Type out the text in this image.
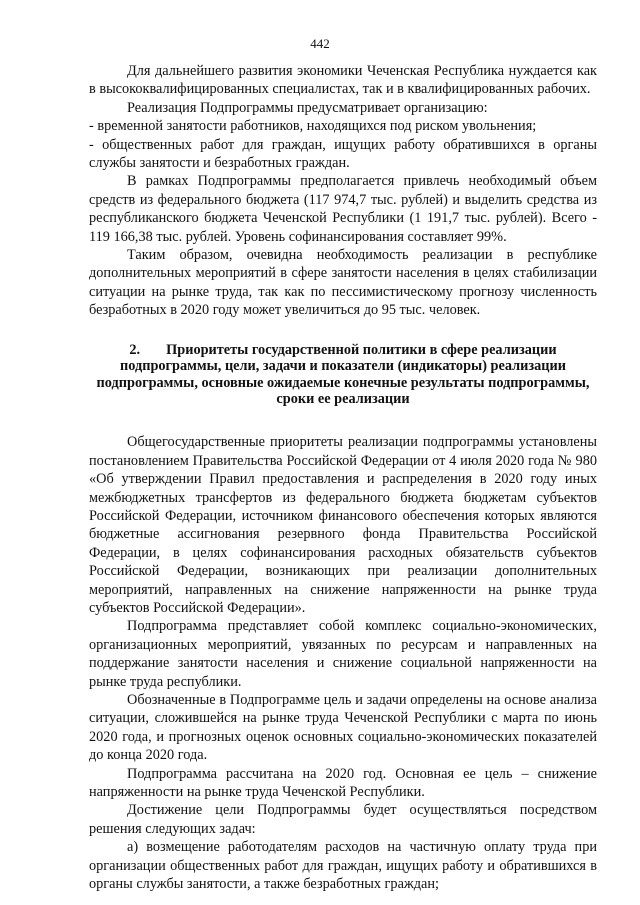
442

Для дальнейшего развития экономики Чеченская Республика нуждается как в высококвалифицированных специалистах, так и в квалифицированных рабочих.

Реализация Подпрограммы предусматривает организацию:

- временной занятости работников, находящихся под риском увольнения;

- общественных работ для граждан, ищущих работу обратившихся в органы службы занятости и безработных граждан.

В рамках Подпрограммы предполагается привлечь необходимый объем средств из федерального бюджета (117 974,7 тыс. рублей) и выделить средства из республиканского бюджета Чеченской Республики (1 191,7 тыс. рублей). Всего - 119 166,38 тыс. рублей. Уровень софинансирования составляет 99%.

Таким образом, очевидна необходимость реализации в республике дополнительных мероприятий в сфере занятости населения в целях стабилизации ситуации на рынке труда, так как по пессимистическому прогнозу численность безработных в 2020 году может увеличиться до 95 тыс. человек.

2. Приоритеты государственной политики в сфере реализации подпрограммы, цели, задачи и показатели (индикаторы) реализации подпрограммы, основные ожидаемые конечные результаты подпрограммы, сроки ее реализации

Общегосударственные приоритеты реализации подпрограммы установлены постановлением Правительства Российской Федерации от 4 июля 2020 года № 980 «Об утверждении Правил предоставления и распределения в 2020 году иных межбюджетных трансфертов из федерального бюджета бюджетам субъектов Российской Федерации, источником финансового обеспечения которых являются бюджетные ассигнования резервного фонда Правительства Российской Федерации, в целях софинансирования расходных обязательств субъектов Российской Федерации, возникающих при реализации дополнительных мероприятий, направленных на снижение напряженности на рынке труда субъектов Российской Федерации».

Подпрограмма представляет собой комплекс социально-экономических, организационных мероприятий, увязанных по ресурсам и направленных на поддержание занятости населения и снижение социальной напряженности на рынке труда республики.

Обозначенные в Подпрограмме цель и задачи определены на основе анализа ситуации, сложившейся на рынке труда Чеченской Республики с марта по июнь 2020 года, и прогнозных оценок основных социально-экономических показателей до конца 2020 года.

Подпрограмма рассчитана на 2020 год. Основная ее цель – снижение напряженности на рынке труда Чеченской Республики.

Достижение цели Подпрограммы будет осуществляться посредством решения следующих задач:

а) возмещение работодателям расходов на частичную оплату труда при организации общественных работ для граждан, ищущих работу и обратившихся в органы службы занятости, а также безработных граждан;
